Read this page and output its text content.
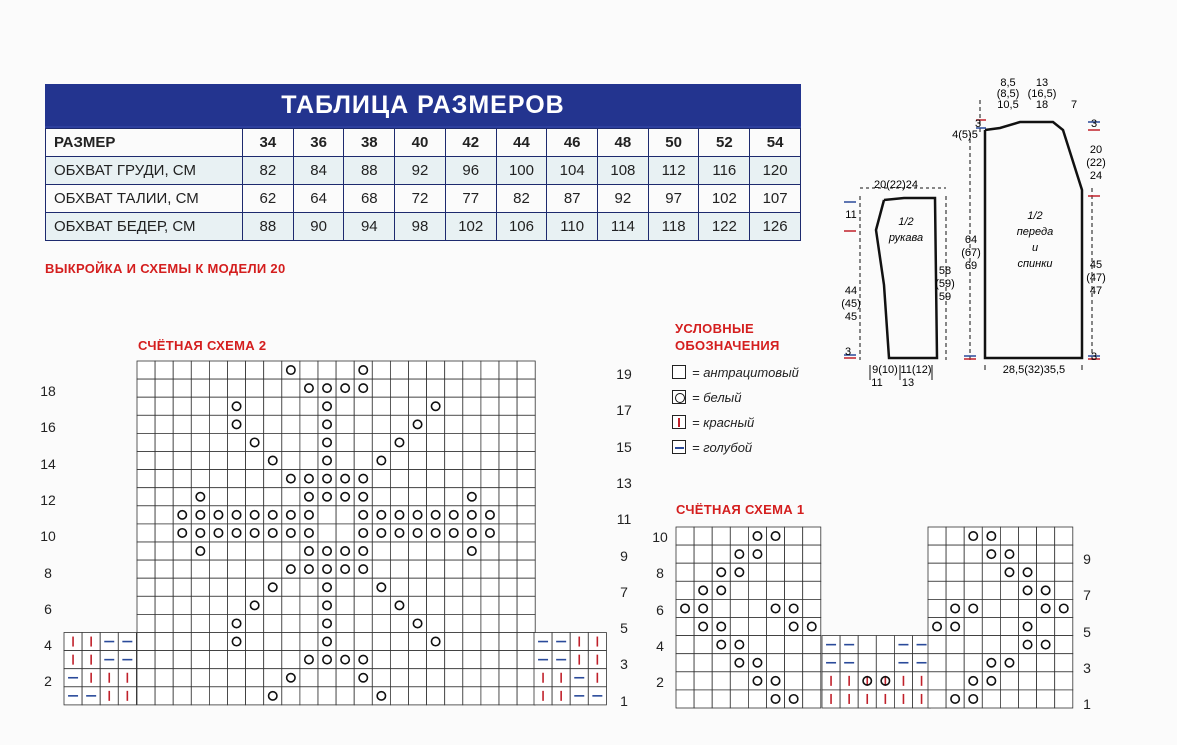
ТАБЛИЦА РАЗМЕРОВ
РАЗМЕР	34	36	38	40	42	44	46	48	50	52	54
ОБХВАТ ГРУДИ, СМ	82	84	88	92	96	100	104	108	112	116	120
ОБХВАТ ТАЛИИ, СМ	62	64	68	72	77	82	87	92	97	102	107
ОБХВАТ БЕДЕР, СМ	88	90	94	98	102	106	110	114	118	122	126
ВЫКРОЙКА И СХЕМЫ К МОДЕЛИ 20
СЧЁТНАЯ СХЕМА 2
18
16
14
12
10
8
6
4
2
19
17
15
13
11
9
7
5
3
1
10
8
6
4
2
9
7
5
3
1
СЧЁТНАЯ СХЕМА 1
УСЛОВНЫЕ
ОБОЗНАЧЕНИЯ
= антрацитовый
= белый
= красный
= голубой
1/2
рукава
20(22)24
11
44
(45)
45
58
(59)
59
9(10)
11
11(12)
13
3
1/2
переда
и
спинки
8,5
(8,5)
10,5
13
(16,5)
18 7
4(5)5
20
(22)
24
64
(67)
69	45
(47)
47
28,5(32)35,5
3
3	3
